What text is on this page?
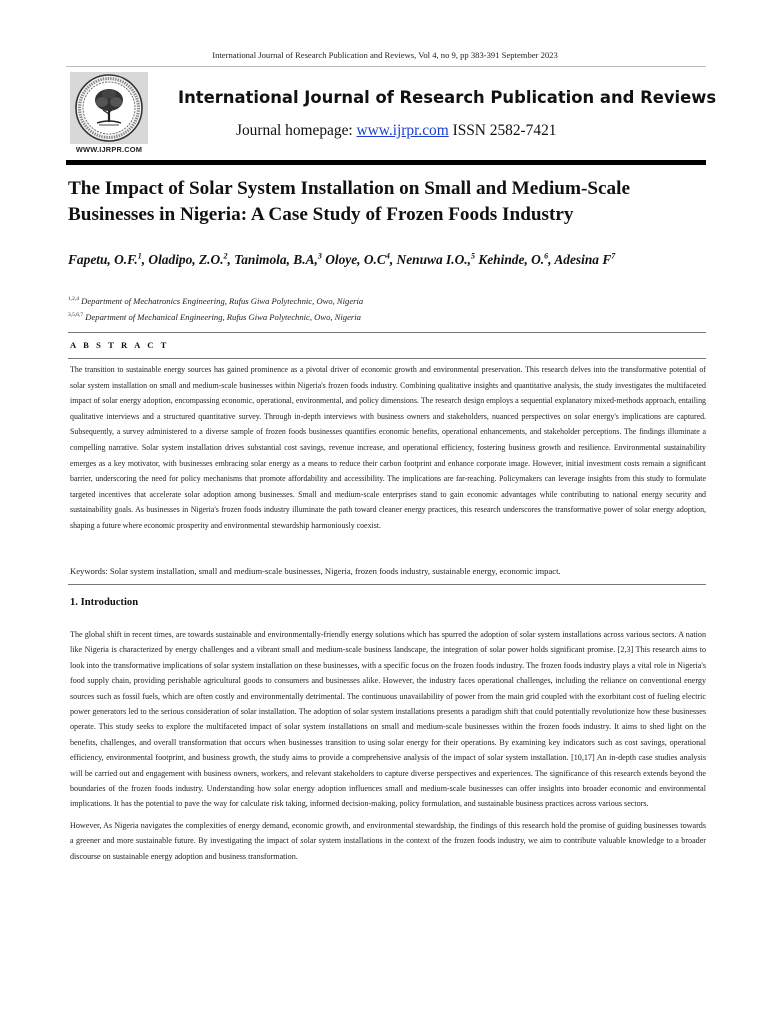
International Journal of Research Publication and Reviews, Vol 4, no 9, pp 383-391 September 2023
WWW.IJRPR.COM
International Journal of Research Publication and Reviews
Journal homepage: www.ijrpr.com ISSN 2582-7421
The Impact of Solar System Installation on Small and Medium-Scale Businesses in Nigeria: A Case Study of Frozen Foods Industry
Fapetu, O.F.$^1$, Oladipo, Z.O.$^2$, Tanimola, B.A,$^3$ Oloye, $O.C^4$, Nenuwa I.O.,$^5$ Kehinde, O.$^6$, Adesina $F^7$
$^{1,2,4}$ Department of Mechatronics Engineering, Rufus Giwa Polytechnic, Owo, Nigeria
$^{3,5,6,7}$ Department of Mechanical Engineering, Rufus Giwa Polytechnic, Owo, Nigeria
A B S T R A C T
The transition to sustainable energy sources has gained prominence as a pivotal driver of economic growth and environmental preservation. This research delves into the transformative potential of solar system installation on small and medium-scale businesses within Nigeria's frozen foods industry. Combining qualitative insights and quantitative analysis, the study investigates the multifaceted impact of solar energy adoption, encompassing economic, operational, environmental, and policy dimensions. The research design employs a sequential explanatory mixed-methods approach, entailing qualitative interviews and a structured quantitative survey. Through in-depth interviews with business owners and stakeholders, nuanced perspectives on solar energy's implications are captured. Subsequently, a survey administered to a diverse sample of frozen foods businesses quantifies economic benefits, operational enhancements, and stakeholder perceptions. The findings illuminate a compelling narrative. Solar system installation drives substantial cost savings, revenue increase, and operational efficiency, fostering business growth and resilience. Environmental sustainability emerges as a key motivator, with businesses embracing solar energy as a means to reduce their carbon footprint and enhance corporate image. However, initial investment costs remain a significant barrier, underscoring the need for policy mechanisms that promote affordability and accessibility. The implications are far-reaching. Policymakers can leverage insights from this study to formulate targeted incentives that accelerate solar adoption among businesses. Small and medium-scale enterprises stand to gain economic advantages while contributing to national energy security and sustainability goals. As businesses in Nigeria's frozen foods industry illuminate the path toward cleaner energy practices, this research underscores the transformative power of solar energy adoption, shaping a future where economic prosperity and environmental stewardship harmoniously coexist.
Keywords: Solar system installation, small and medium-scale businesses, Nigeria, frozen foods industry, sustainable energy, economic impact.
1. Introduction

The global shift in recent times, are towards sustainable and environmentally-friendly energy solutions which has spurred the adoption of solar system installations across various sectors. A nation like Nigeria is characterized by energy challenges and a vibrant small and medium-scale business landscape, the integration of solar power holds significant promise. [2,3] This research aims to look into the transformative implications of solar system installation on these businesses, with a specific focus on the frozen foods industry. The frozen foods industry plays a vital role in Nigeria's food supply chain, providing perishable agricultural goods to consumers and businesses alike. However, the industry faces operational challenges, including the reliance on conventional energy sources such as fossil fuels, which are often costly and environmentally detrimental. The continuous unavailability of power from the main grid coupled with the exorbitant cost of fueling electric power generators led to the serious consideration of solar installation. The adoption of solar system installations presents a paradigm shift that could potentially revolutionize how these businesses operate. This study seeks to explore the multifaceted impact of solar system installations on small and medium-scale businesses within the frozen foods industry. It aims to shed light on the benefits, challenges, and overall transformation that occurs when businesses transition to using solar energy for their operations. By examining key indicators such as cost savings, operational efficiency, environmental footprint, and business growth, the study aims to provide a comprehensive analysis of the impact of solar system installation. [10,17] An in-depth case studies analysis will be carried out and engagement with business owners, workers, and relevant stakeholders to capture diverse perspectives and experiences. The significance of this research extends beyond the boundaries of the frozen foods industry. Understanding how solar energy adoption influences small and medium-scale businesses can offer insights into broader economic and environmental implications. It has the potential to pave the way for calculate risk taking, informed decision-making, policy formulation, and sustainable business practices across various sectors.

However, As Nigeria navigates the complexities of energy demand, economic growth, and environmental stewardship, the findings of this research hold the promise of guiding businesses towards a greener and more sustainable future. By investigating the impact of solar system installations in the context of the frozen foods industry, we aim to contribute valuable knowledge to a broader discourse on sustainable energy adoption and business transformation.
